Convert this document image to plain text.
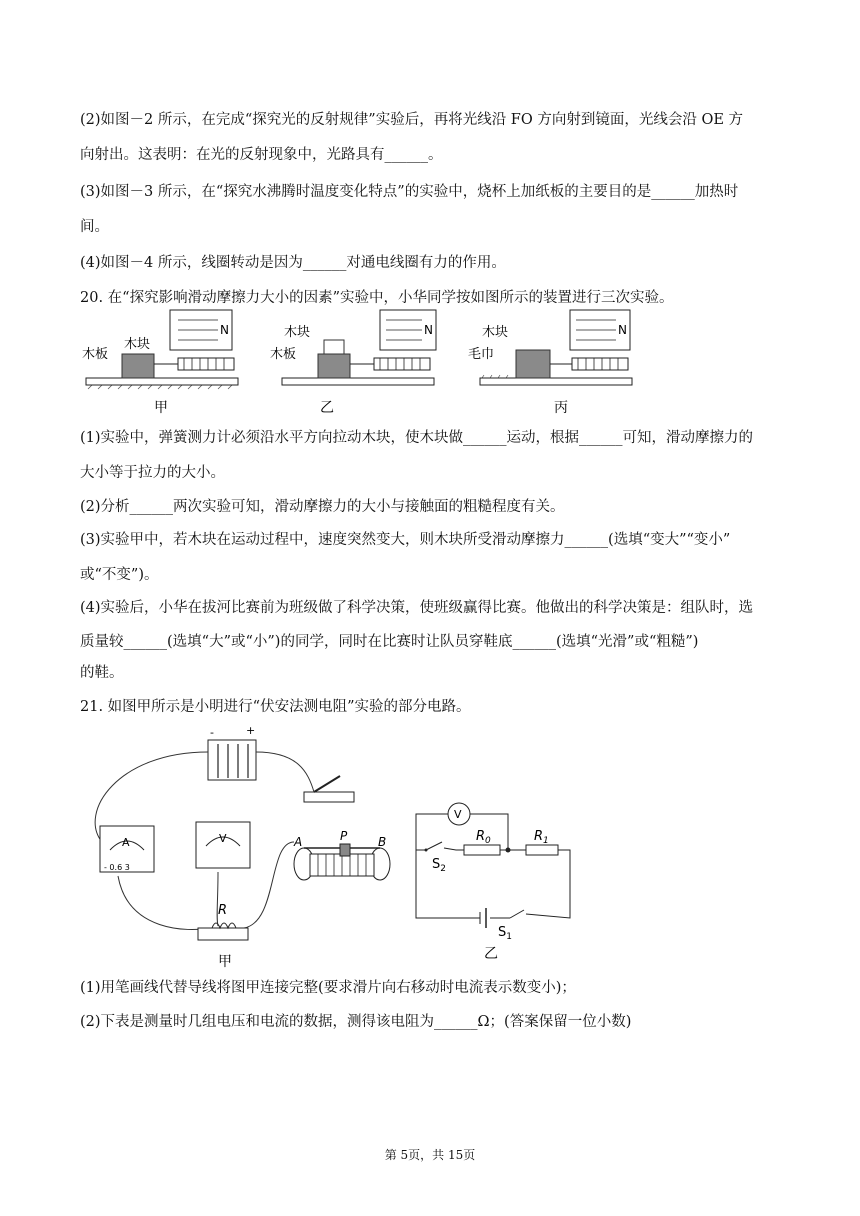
(2)如图－2 所示，在完成“探究光的反射规律”实验后，再将光线沿 FO 方向射到镜面，光线会沿 OE 方
向射出。这表明：在光的反射现象中，光路具有______。
(3)如图－3 所示，在“探究水沸腾时温度变化特点”的实验中，烧杯上加纸板的主要目的是______加热时
间。
(4)如图－4 所示，线圈转动是因为______对通电线圈有力的作用。
20. 在“探究影响滑动摩擦力大小的因素”实验中，小华同学按如图所示的装置进行三次实验。
N
木板
木块
甲
N
木块
木板
乙
N
木块
毛巾
丙
(1)实验中，弹簧测力计必须沿水平方向拉动木块，使木块做______运动，根据______可知，滑动摩擦力的
大小等于拉力的大小。
(2)分析______两次实验可知，滑动摩擦力的大小与接触面的粗糙程度有关。
(3)实验甲中，若木块在运动过程中，速度突然变大，则木块所受滑动摩擦力______(选填“变大”“变小”
或“不变”)。
(4)实验后，小华在拔河比赛前为班级做了科学决策，使班级赢得比赛。他做出的科学决策是：组队时，选
质量较______(选填“大”或“小”)的同学，同时在比赛时让队员穿鞋底______(选填“光滑”或“粗糙”)
的鞋。
21. 如图甲所示是小明进行“伏安法测电阻”实验的部分电路。
-	+
A
- 0.6 3
V
R
甲
A	P	B
V
$R_0$	$R_1$
$S_2$
$S_1$
乙
(1)用笔画线代替导线将图甲连接完整(要求滑片向右移动时电流表示数变小)；
(2)下表是测量时几组电压和电流的数据，测得该电阻为______Ω；(答案保留一位小数)
第 5页，共 15页
